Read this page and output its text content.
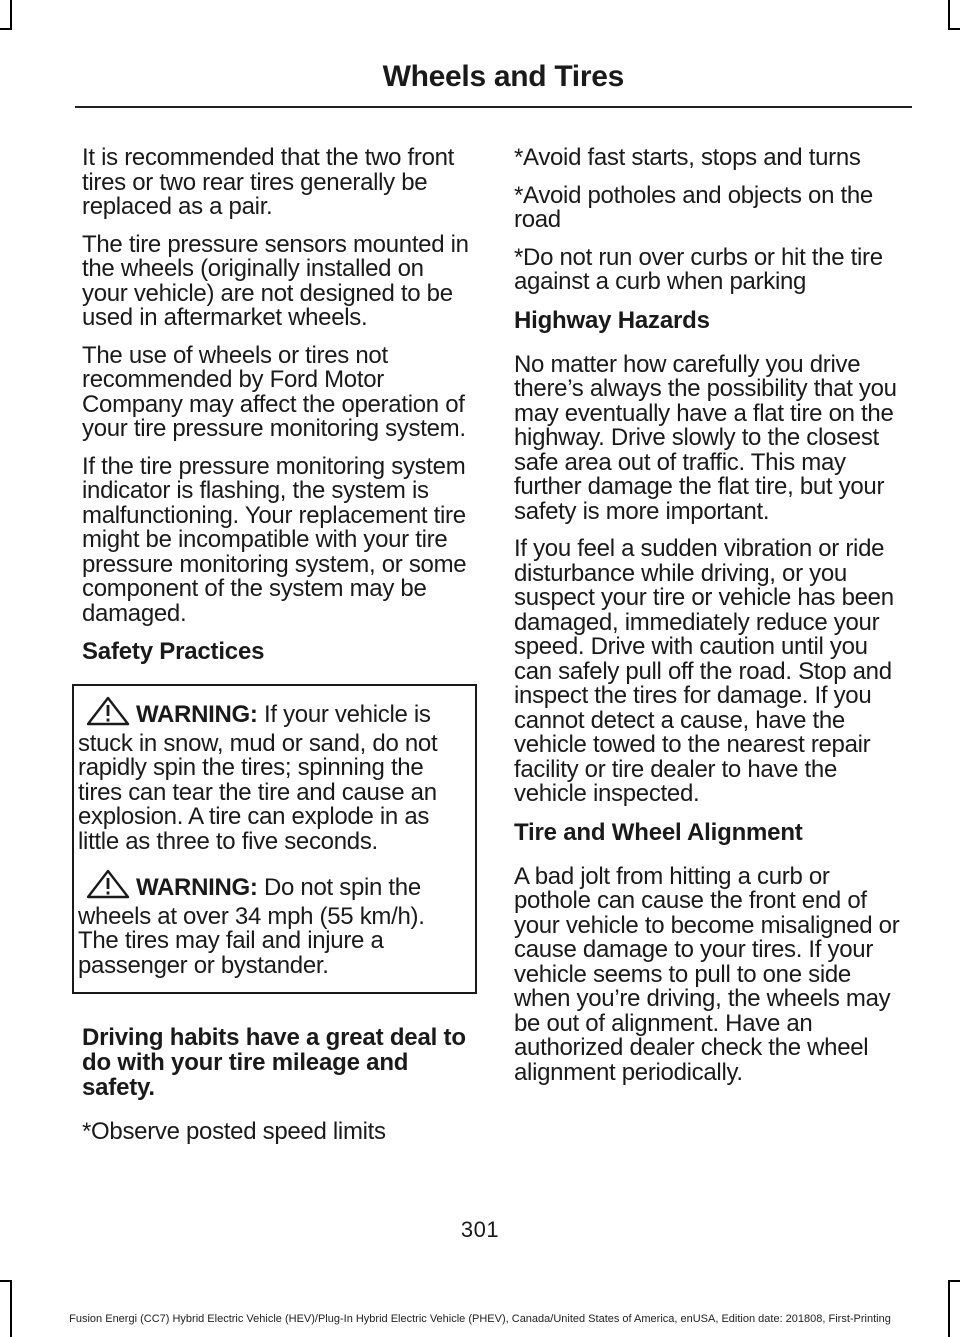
Wheels and Tires

It is recommended that the two front tires or two rear tires generally be replaced as a pair.

The tire pressure sensors mounted in the wheels (originally installed on your vehicle) are not designed to be used in aftermarket wheels.

The use of wheels or tires not recommended by Ford Motor Company may affect the operation of your tire pressure monitoring system.

If the tire pressure monitoring system indicator is flashing, the system is malfunctioning. Your replacement tire might be incompatible with your tire pressure monitoring system, or some component of the system may be damaged.

Safety Practices
WARNING: If your vehicle is stuck in snow, mud or sand, do not rapidly spin the tires; spinning the tires can tear the tire and cause an explosion. A tire can explode in as little as three to five seconds.
WARNING: Do not spin the wheels at over 34 mph (55 km/h). The tires may fail and injure a passenger or bystander.
Driving habits have a great deal to do with your tire mileage and safety.

*Observe posted speed limits

*Avoid fast starts, stops and turns

*Avoid potholes and objects on the road

*Do not run over curbs or hit the tire against a curb when parking

Highway Hazards

No matter how carefully you drive there’s always the possibility that you may eventually have a flat tire on the highway. Drive slowly to the closest safe area out of traffic. This may further damage the flat tire, but your safety is more important.

If you feel a sudden vibration or ride disturbance while driving, or you suspect your tire or vehicle has been damaged, immediately reduce your speed. Drive with caution until you can safely pull off the road. Stop and inspect the tires for damage. If you cannot detect a cause, have the vehicle towed to the nearest repair facility or tire dealer to have the vehicle inspected.

Tire and Wheel Alignment

A bad jolt from hitting a curb or pothole can cause the front end of your vehicle to become misaligned or cause damage to your tires. If your vehicle seems to pull to one side when you’re driving, the wheels may be out of alignment. Have an authorized dealer check the wheel alignment periodically.

301
Fusion Energi (CC7) Hybrid Electric Vehicle (HEV)/Plug-In Hybrid Electric Vehicle (PHEV), Canada/United States of America, enUSA, Edition date: 201808, First-Printing
